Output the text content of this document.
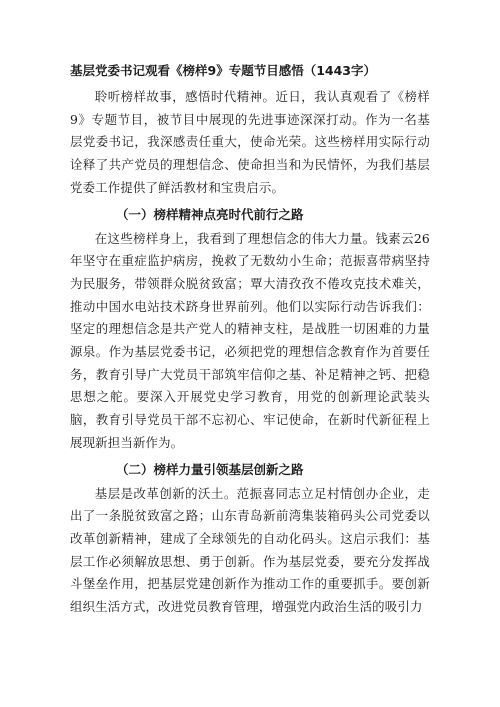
基层党委书记观看《榜样9》专题节目感悟（1443字）

聆听榜样故事，感悟时代精神。近日，我认真观看了《榜样9》专题节目，被节目中展现的先进事迹深深打动。作为一名基层党委书记，我深感责任重大，使命光荣。这些榜样用实际行动诠释了共产党员的理想信念、使命担当和为民情怀，为我们基层党委工作提供了鲜活教材和宝贵启示。

（一）榜样精神点亮时代前行之路

在这些榜样身上，我看到了理想信念的伟大力量。钱素云26年坚守在重症监护病房，挽救了无数幼小生命；范振喜带病坚持为民服务，带领群众脱贫致富；覃大清孜孜不倦攻克技术难关，推动中国水电站技术跻身世界前列。他们以实际行动告诉我们：坚定的理想信念是共产党人的精神支柱，是战胜一切困难的力量源泉。作为基层党委书记，必须把党的理想信念教育作为首要任务，教育引导广大党员干部筑牢信仰之基、补足精神之钙、把稳思想之舵。要深入开展党史学习教育，用党的创新理论武装头脑，教育引导党员干部不忘初心、牢记使命，在新时代新征程上展现新担当新作为。

（二）榜样力量引领基层创新之路

基层是改革创新的沃土。范振喜同志立足村情创办企业，走出了一条脱贫致富之路；山东青岛新前湾集装箱码头公司党委以改革创新精神，建成了全球领先的自动化码头。这启示我们：基层工作必须解放思想、勇于创新。作为基层党委，要充分发挥战斗堡垒作用，把基层党建创新作为推动工作的重要抓手。要创新组织生活方式，改进党员教育管理，增强党内政治生活的吸引力
